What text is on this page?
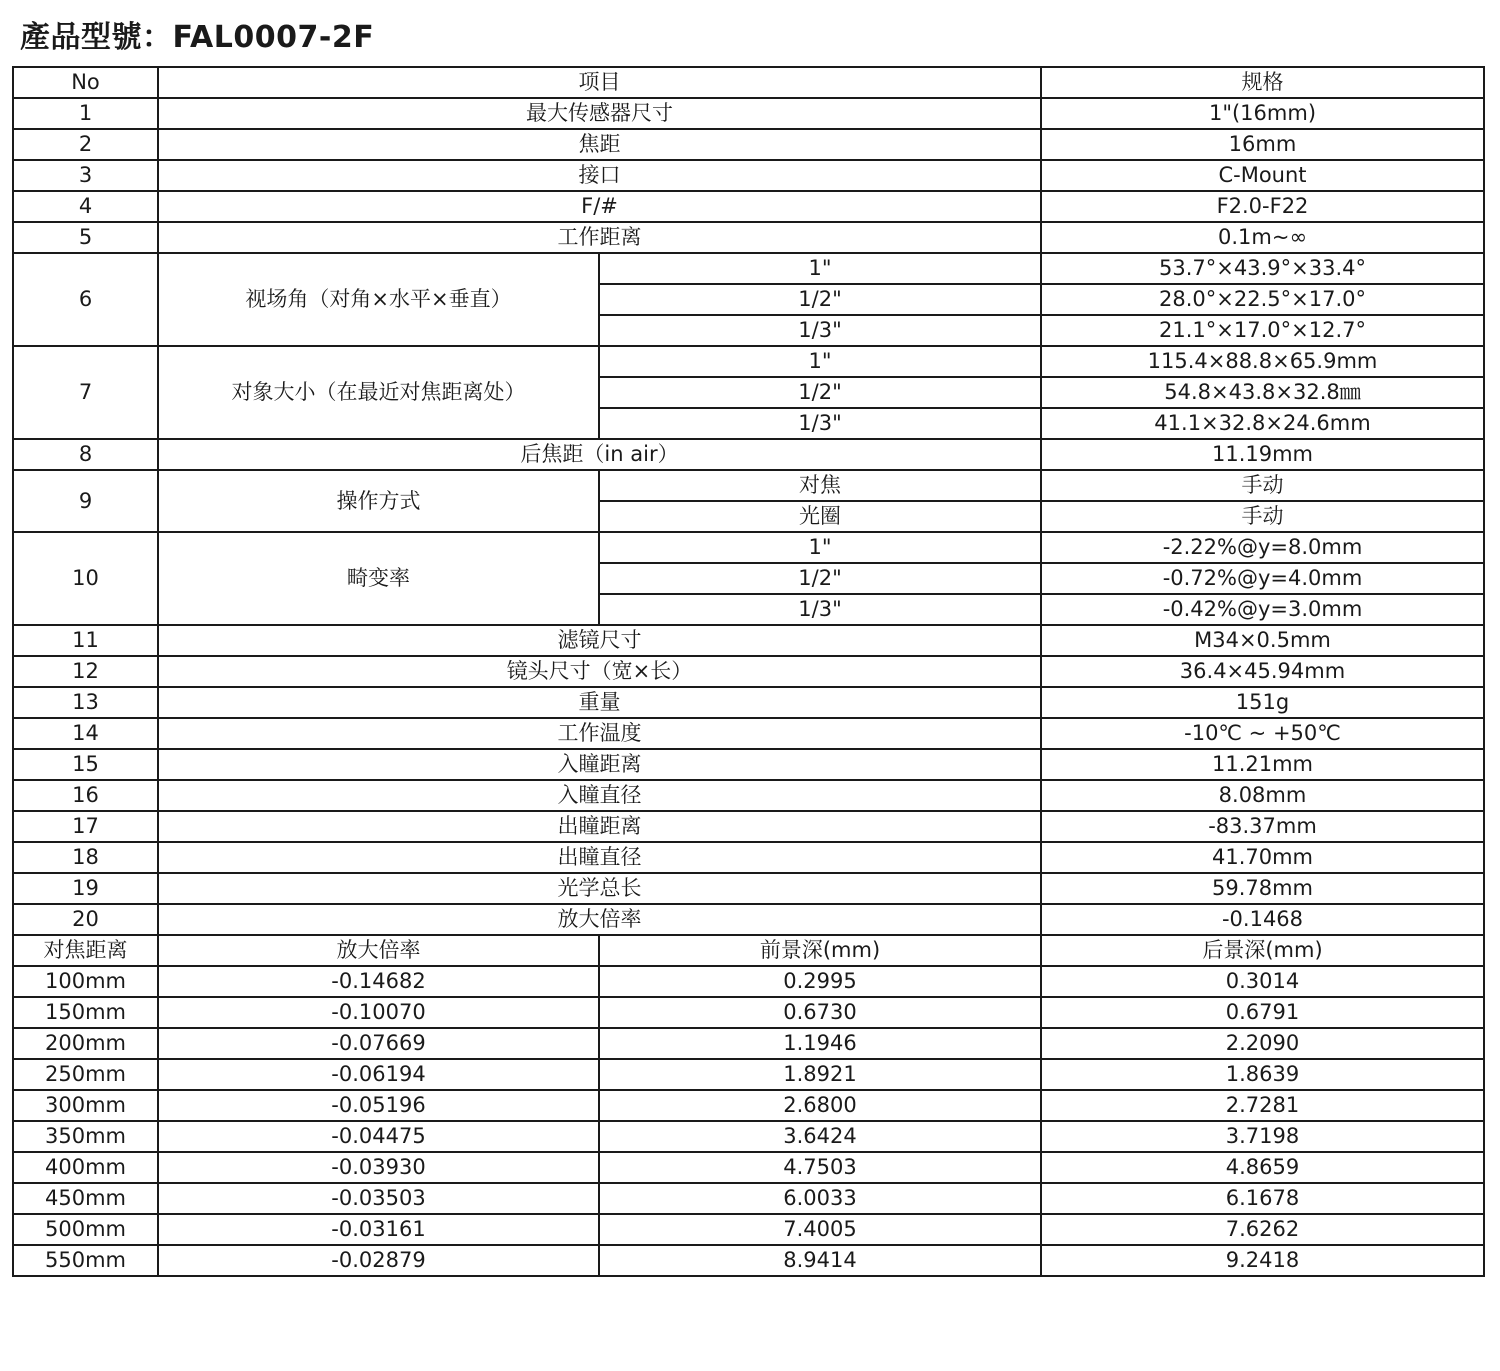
產品型號：FAL0007-2F
No	项目		规格
1	最大传感器尺寸		1"(16mm)
2	焦距		16mm
3	接口		C-Mount
4	F/#		F2.0-F22
5	工作距离		0.1m~∞
6	视场角（对角×水平×垂直）	1"	53.7°×43.9°×33.4°
		1/2"	28.0°×22.5°×17.0°
		1/3"	21.1°×17.0°×12.7°
7	对象大小（在最近对焦距离处）	1"	115.4×88.8×65.9mm
		1/2"	54.8×43.8×32.8㎜
		1/3"	41.1×32.8×24.6mm
8	后焦距（in air）		11.19mm
9	操作方式	对焦	手动
		光圈	手动
10	畸变率	1"	-2.22%@y=8.0mm
		1/2"	-0.72%@y=4.0mm
		1/3"	-0.42%@y=3.0mm
11	滤镜尺寸		M34×0.5mm
12	镜头尺寸（宽×长）		36.4×45.94mm
13	重量		151g
14	工作温度		-10℃ ~ +50℃
15	入瞳距离		11.21mm
16	入瞳直径		8.08mm
17	出瞳距离		-83.37mm
18	出瞳直径		41.70mm
19	光学总长		59.78mm
20	放大倍率		-0.1468
对焦距离	放大倍率	前景深(mm)	后景深(mm)
100mm	-0.14682	0.2995	0.3014
150mm	-0.10070	0.6730	0.6791
200mm	-0.07669	1.1946	2.2090
250mm	-0.06194	1.8921	1.8639
300mm	-0.05196	2.6800	2.7281
350mm	-0.04475	3.6424	3.7198
400mm	-0.03930	4.7503	4.8659
450mm	-0.03503	6.0033	6.1678
500mm	-0.03161	7.4005	7.6262
550mm	-0.02879	8.9414	9.2418
